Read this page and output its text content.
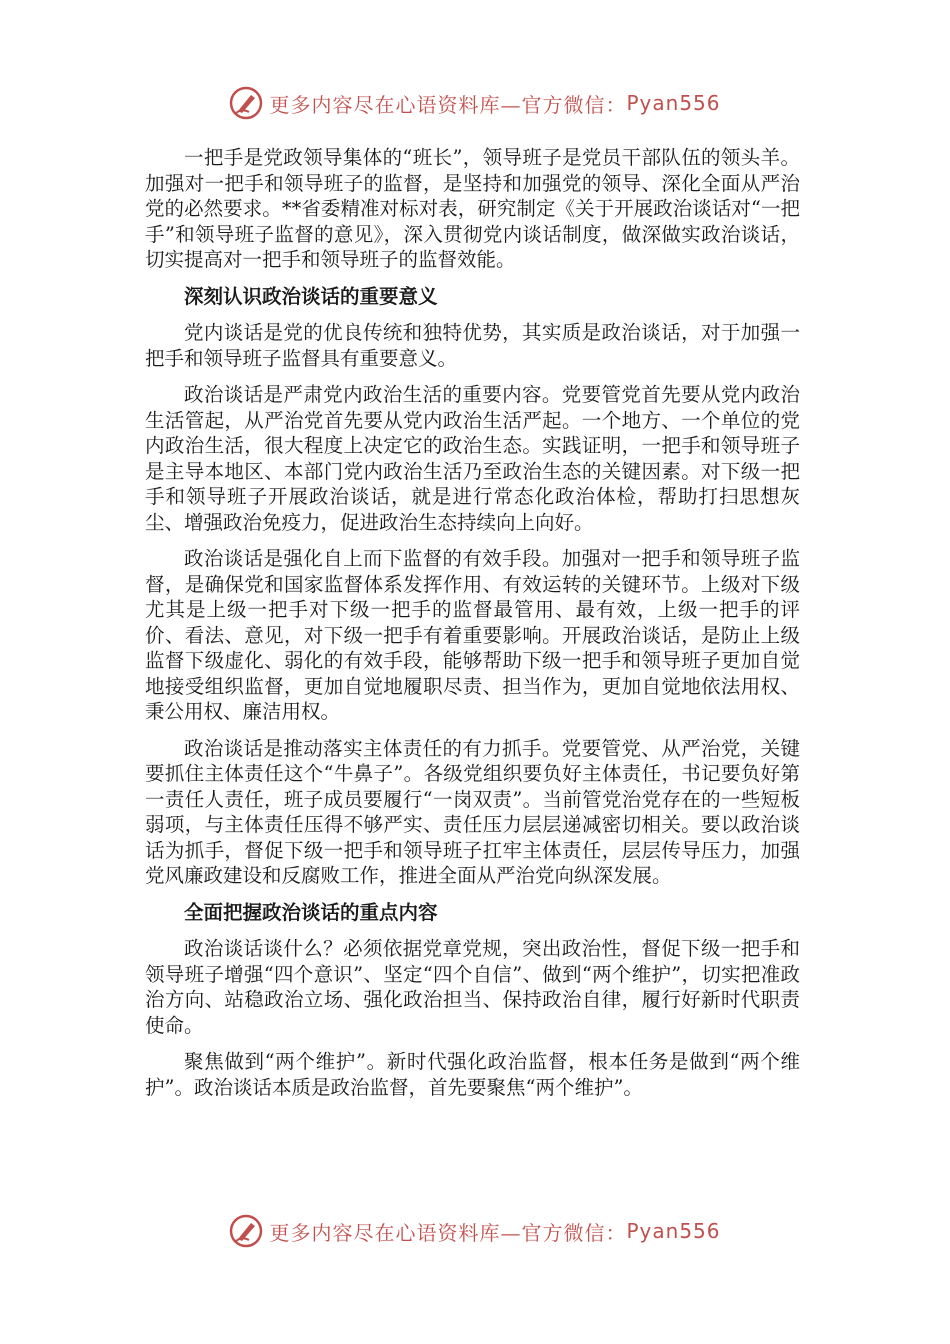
更多内容尽在心语资料库—官方微信： Pyan556

一把手是党政领导集体的“班长”，领导班子是党员干部队伍的领头羊。加强对一把手和领导班子的监督，是坚持和加强党的领导、深化全面从严治党的必然要求。**省委精准对标对表，研究制定《关于开展政治谈话对“一把手”和领导班子监督的意见》，深入贯彻党内谈话制度，做深做实政治谈话，切实提高对一把手和领导班子的监督效能。

深刻认识政治谈话的重要意义

党内谈话是党的优良传统和独特优势，其实质是政治谈话，对于加强一把手和领导班子监督具有重要意义。

政治谈话是严肃党内政治生活的重要内容。党要管党首先要从党内政治生活管起，从严治党首先要从党内政治生活严起。一个地方、一个单位的党内政治生活，很大程度上决定它的政治生态。实践证明，一把手和领导班子是主导本地区、本部门党内政治生活乃至政治生态的关键因素。对下级一把手和领导班子开展政治谈话，就是进行常态化政治体检，帮助打扫思想灰尘、增强政治免疫力，促进政治生态持续向上向好。

政治谈话是强化自上而下监督的有效手段。加强对一把手和领导班子监督，是确保党和国家监督体系发挥作用、有效运转的关键环节。上级对下级尤其是上级一把手对下级一把手的监督最管用、最有效，上级一把手的评价、看法、意见，对下级一把手有着重要影响。开展政治谈话，是防止上级监督下级虚化、弱化的有效手段，能够帮助下级一把手和领导班子更加自觉地接受组织监督，更加自觉地履职尽责、担当作为，更加自觉地依法用权、秉公用权、廉洁用权。

政治谈话是推动落实主体责任的有力抓手。党要管党、从严治党，关键要抓住主体责任这个“牛鼻子”。各级党组织要负好主体责任，书记要负好第一责任人责任，班子成员要履行“一岗双责”。当前管党治党存在的一些短板弱项，与主体责任压得不够严实、责任压力层层递减密切相关。要以政治谈话为抓手，督促下级一把手和领导班子扛牢主体责任，层层传导压力，加强党风廉政建设和反腐败工作，推进全面从严治党向纵深发展。

全面把握政治谈话的重点内容

政治谈话谈什么？必须依据党章党规，突出政治性，督促下级一把手和领导班子增强“四个意识”、坚定“四个自信”、做到“两个维护”，切实把准政治方向、站稳政治立场、强化政治担当、保持政治自律，履行好新时代职责使命。

聚焦做到“两个维护”。新时代强化政治监督，根本任务是做到“两个维护”。政治谈话本质是政治监督，首先要聚焦“两个维护”。

更多内容尽在心语资料库—官方微信： Pyan556
